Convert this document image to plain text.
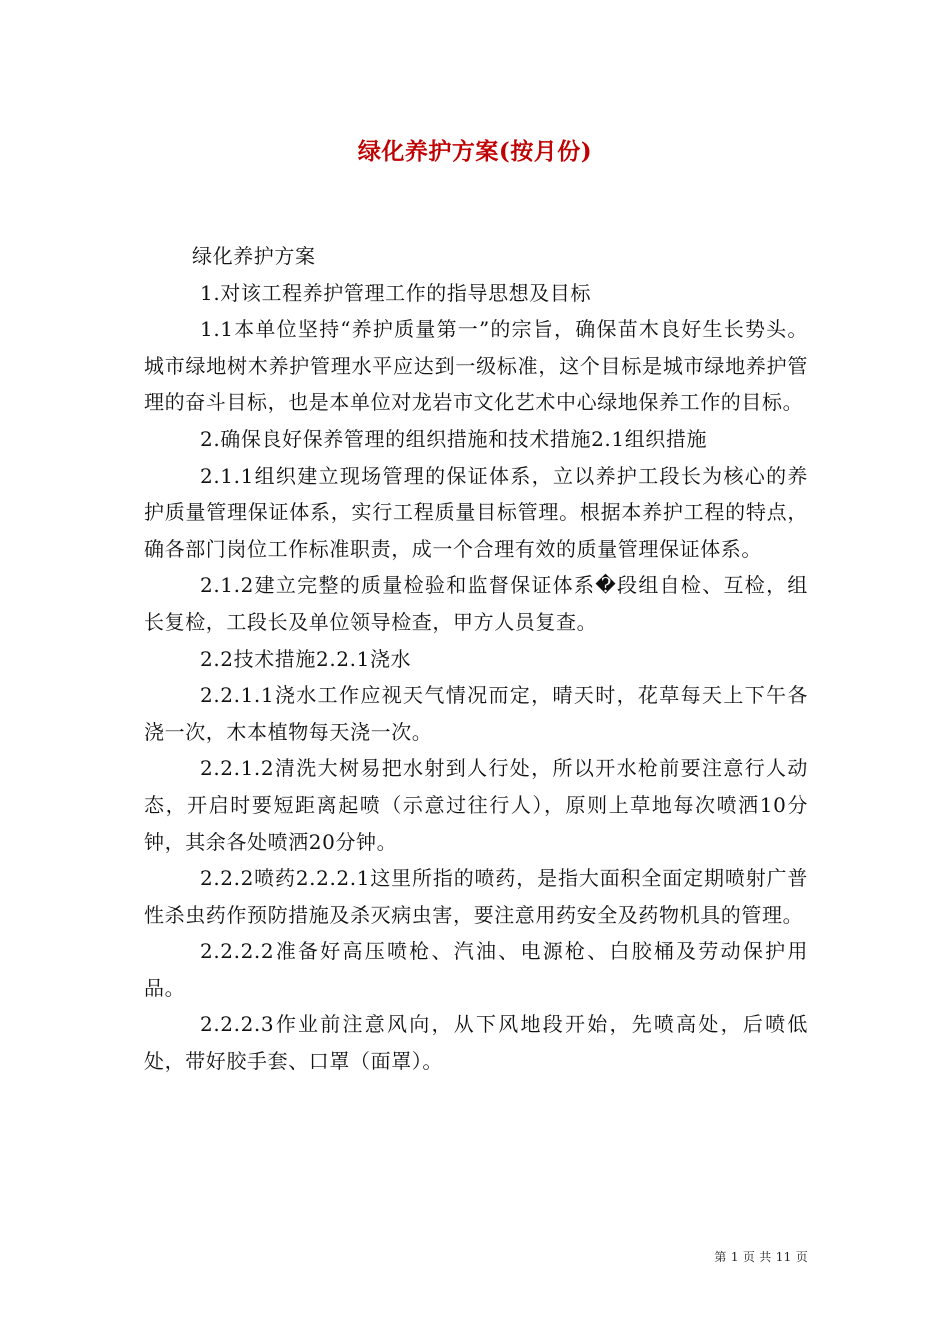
绿化养护方案(按月份)

绿化养护方案

1.对该工程养护管理工作的指导思想及目标

1.1本单位坚持“养护质量第一”的宗旨，确保苗木良好生长势头。城市绿地树木养护管理水平应达到一级标准，这个目标是城市绿地养护管理的奋斗目标，也是本单位对龙岩市文化艺术中心绿地保养工作的目标。

2.确保良好保养管理的组织措施和技术措施2.1组织措施

2.1.1组织建立现场管理的保证体系，立以养护工段长为核心的养护质量管理保证体系，实行工程质量目标管理。根据本养护工程的特点，确各部门岗位工作标准职责，成一个合理有效的质量管理保证体系。

2.1.2建立完整的质量检验和监督保证体系�段组自检、互检，组长复检，工段长及单位领导检查，甲方人员复查。

2.2技术措施2.2.1浇水

2.2.1.1浇水工作应视天气情况而定，晴天时，花草每天上下午各浇一次，木本植物每天浇一次。

2.2.1.2清洗大树易把水射到人行处，所以开水枪前要注意行人动态，开启时要短距离起喷（示意过往行人），原则上草地每次喷洒10分钟，其余各处喷洒20分钟。

2.2.2喷药2.2.2.1这里所指的喷药，是指大面积全面定期喷射广普性杀虫药作预防措施及杀灭病虫害，要注意用药安全及药物机具的管理。

2.2.2.2准备好高压喷枪、汽油、电源枪、白胶桶及劳动保护用品。

2.2.2.3作业前注意风向，从下风地段开始，先喷高处，后喷低处，带好胶手套、口罩（面罩）。

第 1 页 共 11 页
